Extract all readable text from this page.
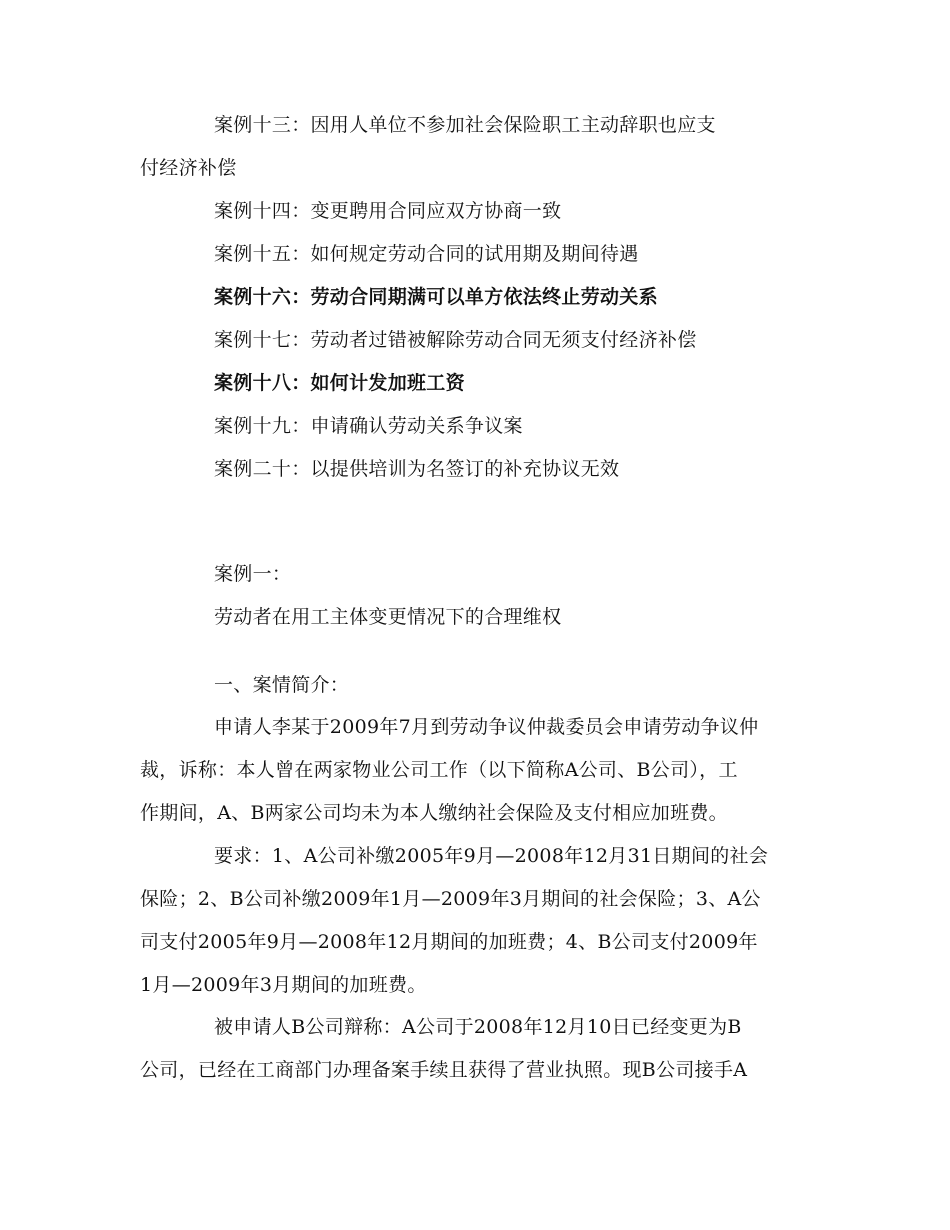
案例十三：因用人单位不参加社会保险职工主动辞职也应支
付经济补偿
案例十四：变更聘用合同应双方协商一致
案例十五：如何规定劳动合同的试用期及期间待遇
案例十六：劳动合同期满可以单方依法终止劳动关系
案例十七：劳动者过错被解除劳动合同无须支付经济补偿
案例十八：如何计发加班工资
案例十九：申请确认劳动关系争议案
案例二十：以提供培训为名签订的补充协议无效
案例一：
劳动者在用工主体变更情况下的合理维权
一、案情简介：
申请人李某于2009年7月到劳动争议仲裁委员会申请劳动争议仲
裁，诉称：本人曾在两家物业公司工作（以下简称A公司、B公司），工
作期间，A、B两家公司均未为本人缴纳社会保险及支付相应加班费。
要求：1、A公司补缴2005年9月—2008年12月31日期间的社会
保险；2、B公司补缴2009年1月—2009年3月期间的社会保险；3、A公
司支付2005年9月—2008年12月期间的加班费；4、B公司支付2009年
1月—2009年3月期间的加班费。
被申请人B公司辩称：A公司于2008年12月10日已经变更为B
公司，已经在工商部门办理备案手续且获得了营业执照。现B公司接手A
